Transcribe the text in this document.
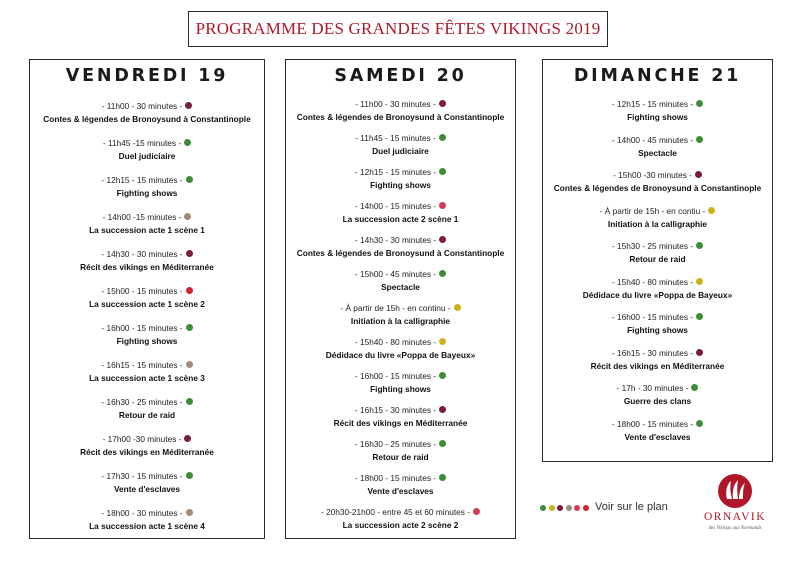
PROGRAMME DES GRANDES FÊTES VIKINGS 2019
VENDREDI 19
- 11h00 - 30 minutes -
Contes & légendes de Bronoysund à Constantinople
- 11h45 -15 minutes -
Duel judiciaire
- 12h15 - 15 minutes -
Fighting shows
- 14h00 -15 minutes -
La succession acte 1 scène 1
- 14h30 - 30 minutes -
Récit des vikings en Méditerranée
- 15h00 - 15 minutes -
La succession acte 1 scène 2
- 16h00 - 15 minutes -
Fighting shows
- 16h15 - 15 minutes -
La succession acte 1 scène 3
- 16h30 - 25 minutes -
Retour de raid
- 17h00 -30 minutes -
Récit des vikings en Méditerranée
- 17h30 - 15 minutes -
Vente d'esclaves
- 18h00 - 30 minutes -
La succession acte 1 scène 4
SAMEDI 20
- 11h00 - 30 minutes -
Contes & légendes de Bronoysund à Constantinople
- 11h45 - 15 minutes -
Duel judiciaire
- 12h15 - 15 minutes -
Fighting shows
- 14h00 - 15 minutes -
La succession acte 2 scène 1
- 14h30 - 30 minutes -
Contes & légendes de Bronoysund à Constantinople
- 15h00 - 45 minutes -
Spectacle
- À partir de 15h - en continu -
Initiation à la calligraphie
- 15h40 - 80 minutes -
Dédidace du livre «Poppa de Bayeux»
- 16h00 - 15 minutes -
Fighting shows
- 16h15 - 30 minutes -
Récit des vikings en Méditerranée
- 16h30 - 25 minutes -
Retour de raid
- 18h00 - 15 minutes -
Vente d'esclaves
- 20h30-21h00 - entre 45 et 60 minutes -
La succession acte 2 scène 2
DIMANCHE 21
- 12h15 - 15 minutes -
Fighting shows
- 14h00 - 45 minutes -
Spectacle
- 15h00 -30 minutes -
Contes & légendes de Bronoysund à Constantinople
- À partir de 15h - en contiu -
Initiation à la calligraphie
- 15h30 - 25 minutes -
Retour de raid
- 15h40 - 80 minutes -
Dédidace du livre «Poppa de Bayeux»
- 16h00 - 15 minutes -
Fighting shows
- 16h15 - 30 minutes -
Récit des vikings en Méditerranée
- 17h - 30 minutes -
Guerre des clans
- 18h00 - 15 minutes -
Vente d'esclaves
Voir sur le plan
ORNAVIK
des Vikings aux Normands
